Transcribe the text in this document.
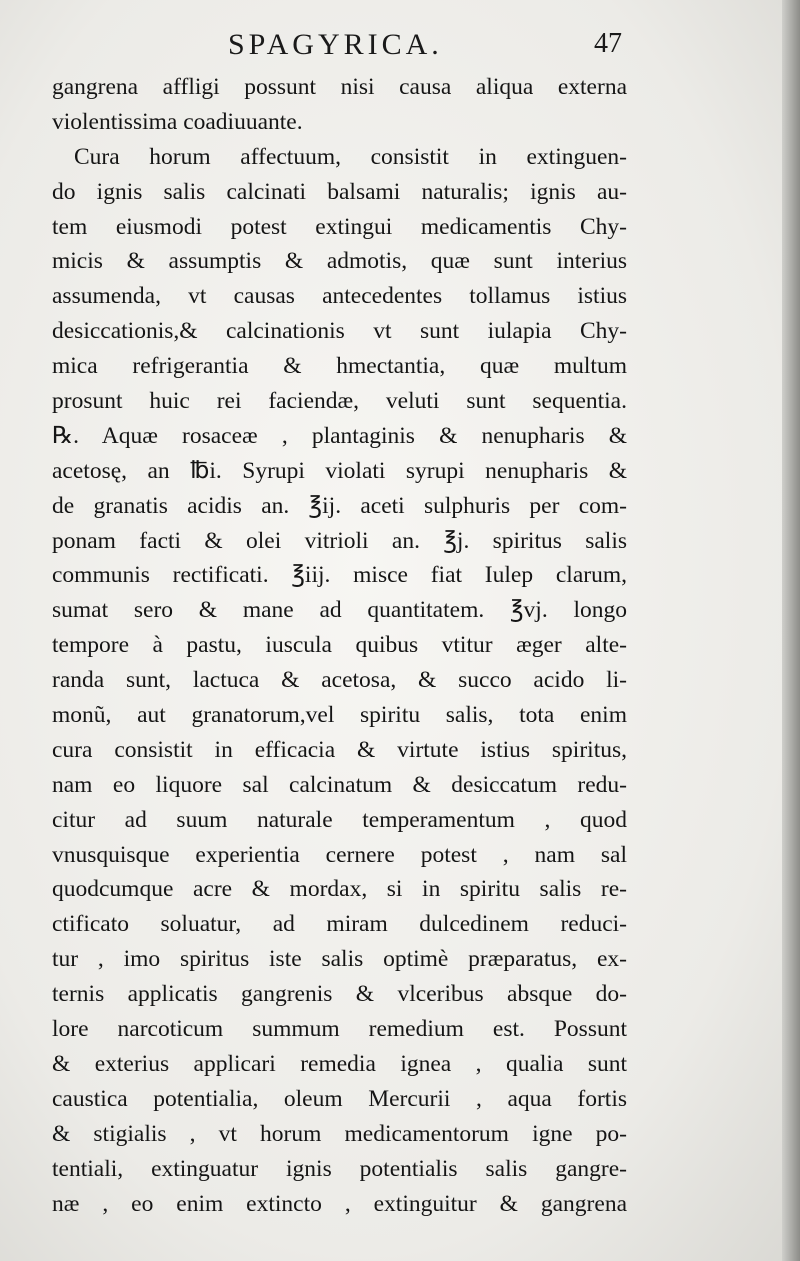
SPAGYRICA.	47
gangrena affligi possunt nisi causa aliqua externa
violentissima coadiuuante.
Cura horum affectuum, consistit in extinguen-
do ignis salis calcinati balsami naturalis; ignis au-
tem eiusmodi potest extingui medicamentis Chy-
micis & assumptis & admotis, quæ sunt interius
assumenda, vt causas antecedentes tollamus istius
desiccationis,& calcinationis vt sunt iulapia Chy-
mica refrigerantia & hmectantia, quæ multum
prosunt huic rei faciendæ, veluti sunt sequentia.
℞. Aquæ rosaceæ , plantaginis & nenupharis &
acetosę, an ℔i. Syrupi violati syrupi nenupharis &
de granatis acidis an. ℥ij. aceti sulphuris per com-
ponam facti & olei vitrioli an. ℥j. spiritus salis
communis rectificati. ℥iij. misce fiat Iulep clarum,
sumat sero & mane ad quantitatem. ℥vj. longo
tempore à pastu, iuscula quibus vtitur æger alte-
randa sunt, lactuca & acetosa, & succo acido li-
monũ, aut granatorum,vel spiritu salis, tota enim
cura consistit in efficacia & virtute istius spiritus,
nam eo liquore sal calcinatum & desiccatum redu-
citur ad suum naturale temperamentum , quod
vnusquisque experientia cernere potest , nam sal
quodcumque acre & mordax, si in spiritu salis re-
ctificato soluatur, ad miram dulcedinem reduci-
tur , imo spiritus iste salis optimè præparatus, ex-
ternis applicatis gangrenis & vlceribus absque do-
lore narcoticum summum remedium est. Possunt
& exterius applicari remedia ignea , qualia sunt
caustica potentialia, oleum Mercurii , aqua fortis
& stigialis , vt horum medicamentorum igne po-
tentiali, extinguatur ignis potentialis salis gangre-
næ , eo enim extincto , extinguitur & gangrena
